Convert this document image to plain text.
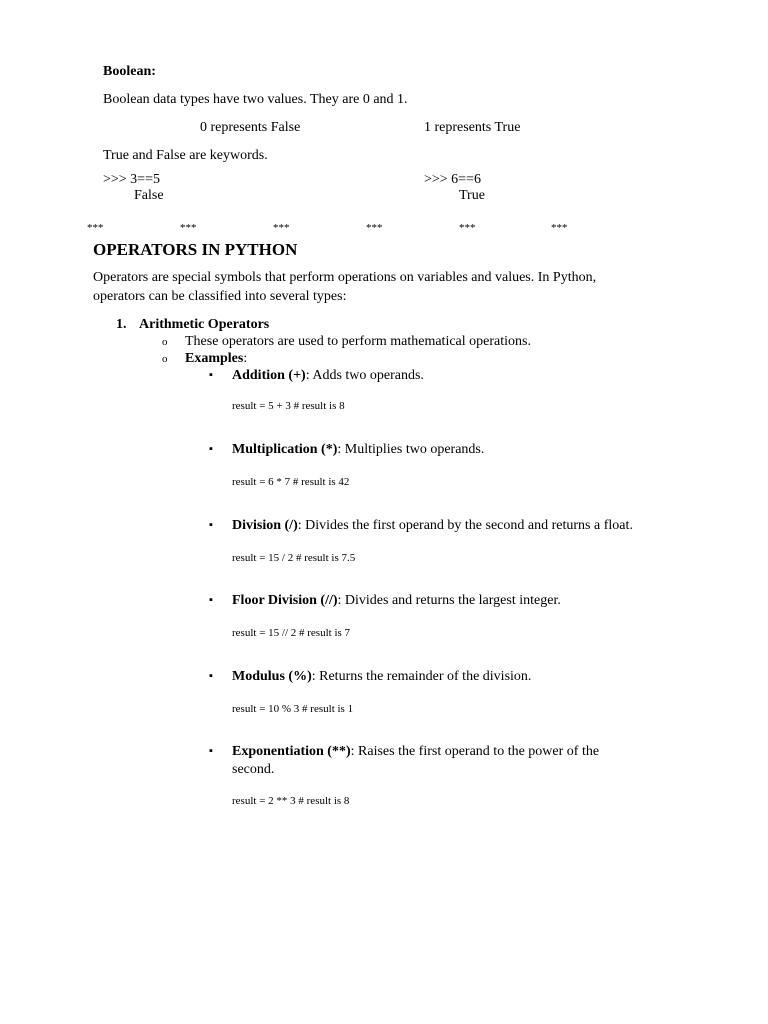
Boolean:
Boolean data types have two values. They are 0 and 1.
0 represents False	1 represents True
True and False are keywords.
>>> 3==5
False
>>> 6==6
True
***	***	***	***	***	***
OPERATORS IN PYTHON
Operators are special symbols that perform operations on variables and values. In Python,
operators can be classified into several types:
1. Arithmetic Operators
o These operators are used to perform mathematical operations.
o Examples:
▪ Addition (+): Adds two operands.
result = 5 + 3 # result is 8
▪ Multiplication (*): Multiplies two operands.
result = 6 * 7 # result is 42
▪ Division (/): Divides the first operand by the second and returns a float.
result = 15 / 2 # result is 7.5
▪ Floor Division (//): Divides and returns the largest integer.
result = 15 // 2 # result is 7
▪ Modulus (%): Returns the remainder of the division.
result = 10 % 3 # result is 1
▪ Exponentiation (**): Raises the first operand to the power of the
second.
result = 2 ** 3 # result is 8
